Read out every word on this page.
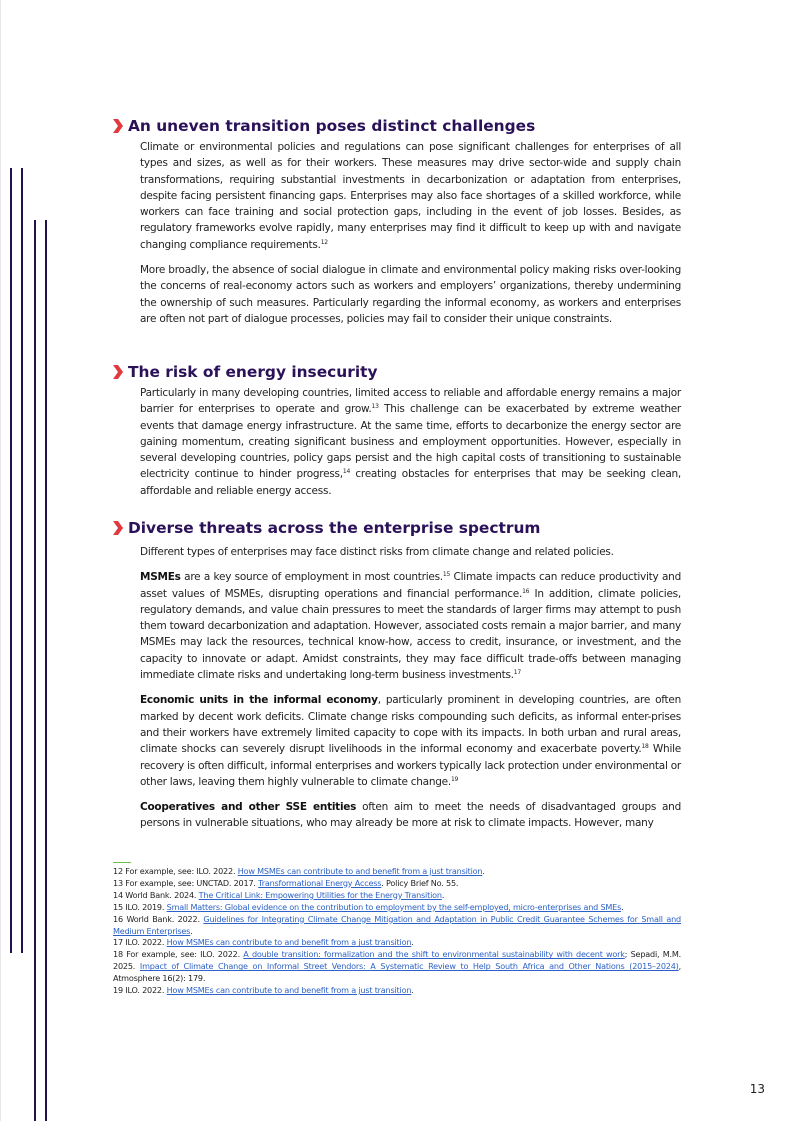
An uneven transition poses distinct challenges

Climate or environmental policies and regulations can pose significant challenges for enterprises of all types and sizes, as well as for their workers. These measures may drive sector-wide and supply chain transformations, requiring substantial investments in decarbonization or adaptation from enterprises, despite facing persistent financing gaps. Enterprises may also face shortages of a skilled workforce, while workers can face training and social protection gaps, including in the event of job losses. Besides, as regulatory frameworks evolve rapidly, many enterprises may find it difficult to keep up with and navigate changing compliance requirements.$^{12}$

More broadly, the absence of social dialogue in climate and environmental policy making risks over-looking the concerns of real-economy actors such as workers and employers’ organizations, thereby undermining the ownership of such measures. Particularly regarding the informal economy, as workers and enterprises are often not part of dialogue processes, policies may fail to consider their unique constraints.

The risk of energy insecurity

Particularly in many developing countries, limited access to reliable and affordable energy remains a major barrier for enterprises to operate and grow.$^{13}$ This challenge can be exacerbated by extreme weather events that damage energy infrastructure. At the same time, efforts to decarbonize the energy sector are gaining momentum, creating significant business and employment opportunities. However, especially in several developing countries, policy gaps persist and the high capital costs of transitioning to sustainable electricity continue to hinder progress,$^{14}$ creating obstacles for enterprises that may be seeking clean, affordable and reliable energy access.

Diverse threats across the enterprise spectrum

Different types of enterprises may face distinct risks from climate change and related policies.

MSMEs are a key source of employment in most countries.$^{15}$ Climate impacts can reduce productivity and asset values of MSMEs, disrupting operations and financial performance.$^{16}$ In addition, climate policies, regulatory demands, and value chain pressures to meet the standards of larger firms may attempt to push them toward decarbonization and adaptation. However, associated costs remain a major barrier, and many MSMEs may lack the resources, technical know-how, access to credit, insurance, or investment, and the capacity to innovate or adapt. Amidst constraints, they may face difficult trade-offs between managing immediate climate risks and undertaking long-term business investments.$^{17}$

Economic units in the informal economy, particularly prominent in developing countries, are often marked by decent work deficits. Climate change risks compounding such deficits, as informal enter-prises and their workers have extremely limited capacity to cope with its impacts. In both urban and rural areas, climate shocks can severely disrupt livelihoods in the informal economy and exacerbate poverty.$^{18}$ While recovery is often difficult, informal enterprises and workers typically lack protection under environmental or other laws, leaving them highly vulnerable to climate change.$^{19}$

Cooperatives and other SSE entities often aim to meet the needs of disadvantaged groups and persons in vulnerable situations, who may already be more at risk to climate impacts. However, many

12 For example, see: ILO. 2022. How MSMEs can contribute to and benefit from a just transition.

13 For example, see: UNCTAD. 2017. Transformational Energy Access. Policy Brief No. 55.

14 World Bank. 2024. The Critical Link: Empowering Utilities for the Energy Transition.

15 ILO. 2019. Small Matters: Global evidence on the contribution to employment by the self-employed, micro-enterprises and SMEs.

16 World Bank. 2022. Guidelines for Integrating Climate Change Mitigation and Adaptation in Public Credit Guarantee Schemes for Small and Medium Enterprises.

17 ILO. 2022. How MSMEs can contribute to and benefit from a just transition.

18 For example, see: ILO. 2022. A double transition: formalization and the shift to environmental sustainability with decent work; Sepadi, M.M. 2025. Impact of Climate Change on Informal Street Vendors: A Systematic Review to Help South Africa and Other Nations (2015–2024), Atmosphere 16(2): 179.

19 ILO. 2022. How MSMEs can contribute to and benefit from a just transition.

13
